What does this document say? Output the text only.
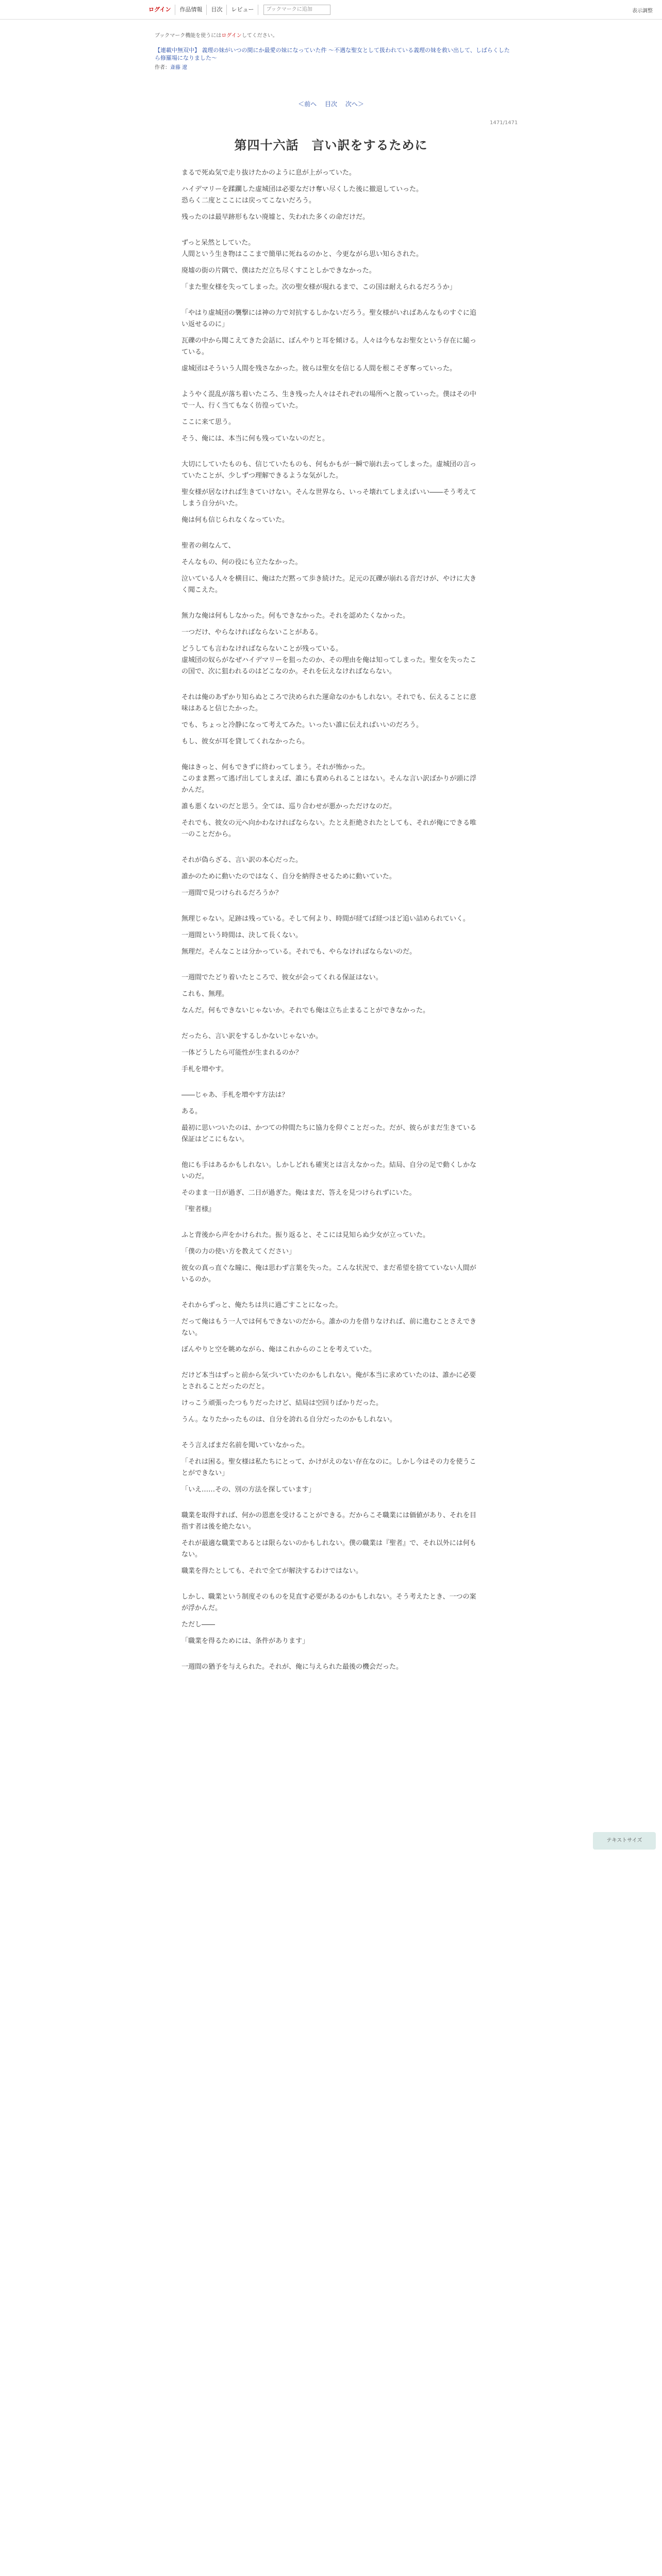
ログイン	作品情報	目次	レビュー	ブックマークに追加	表示調整
ブックマーク機能を使うにはログインしてください。
【連載中無双中】 義理の妹がいつの間にか最愛の妹になっていた件 〜不遇な聖女として扱われている義理の妹を救い出して、しばらくしたら修羅場になりました〜
作者：斎藤 遼
＜前へ 目次 次へ＞
1471/1471
第四十六話　言い訳をするために

まるで死ぬ気で走り抜けたかのように息が上がっていた。

ハイデマリーを蹂躙した虚城団は必要なだけ奪い尽くした後に撤退していった。
恐らく二度とここには戻ってこないだろう。

残ったのは最早跡形もない廃墟と、失われた多くの命だけだ。

ずっと呆然としていた。
人間という生き物はここまで簡単に死ねるのかと、今更ながら思い知らされた。

廃墟の街の片隅で、僕はただ立ち尽くすことしかできなかった。

「また聖女様を失ってしまった。次の聖女様が現れるまで、この国は耐えられるだろうか」

「やはり虚城団の襲撃には神の力で対抗するしかないだろう。聖女様がいればあんなものすぐに追い返せるのに」

瓦礫の中から聞こえてきた会話に、ぼんやりと耳を傾ける。人々は今もなお聖女という存在に縋っている。

虚城団はそういう人間を残さなかった。彼らは聖女を信じる人間を根こそぎ奪っていった。

ようやく混乱が落ち着いたころ、生き残った人々はそれぞれの場所へと散っていった。僕はその中で一人、行く当てもなく彷徨っていた。

ここに来て思う。

そう、俺には、本当に何も残っていないのだと。

大切にしていたものも、信じていたものも、何もかもが一瞬で崩れ去ってしまった。虚城団の言っていたことが、少しずつ理解できるような気がした。

聖女様が居なければ生きていけない。そんな世界なら、いっそ壊れてしまえばいい――そう考えてしまう自分がいた。

俺は何も信じられなくなっていた。

聖者の剣なんて、

そんなもの、何の役にも立たなかった。

泣いている人々を横目に、俺はただ黙って歩き続けた。足元の瓦礫が崩れる音だけが、やけに大きく聞こえた。

無力な俺は何もしなかった。何もできなかった。それを認めたくなかった。

一つだけ、やらなければならないことがある。

どうしても言わなければならないことが残っている。
虚城団の奴らがなぜハイデマリーを狙ったのか、その理由を俺は知ってしまった。聖女を失ったこの国で、次に狙われるのはどこなのか。それを伝えなければならない。

それは俺のあずかり知らぬところで決められた運命なのかもしれない。それでも、伝えることに意味はあると信じたかった。

でも、ちょっと冷静になって考えてみた。いったい誰に伝えればいいのだろう。

もし、彼女が耳を貸してくれなかったら。

俺はきっと、何もできずに終わってしまう。それが怖かった。
このまま黙って逃げ出してしまえば、誰にも責められることはない。そんな言い訳ばかりが頭に浮かんだ。

誰も悪くないのだと思う。全ては、巡り合わせが悪かっただけなのだ。

それでも、彼女の元へ向かわなければならない。たとえ拒絶されたとしても、それが俺にできる唯一のことだから。

それが偽らざる、言い訳の本心だった。

誰かのために動いたのではなく、自分を納得させるために動いていた。

一週間で見つけられるだろうか？

無理じゃない。足跡は残っている。そして何より、時間が経てば経つほど追い詰められていく。

一週間という時間は、決して長くない。

無理だ。そんなことは分かっている。それでも、やらなければならないのだ。

一週間でたどり着いたところで、彼女が会ってくれる保証はない。

これも、無理。

なんだ。何もできないじゃないか。それでも俺は立ち止まることができなかった。

だったら、言い訳をするしかないじゃないか。

一体どうしたら可能性が生まれるのか？

手札を増やす。

――じゃあ、手札を増やす方法は？

ある。

最初に思いついたのは、かつての仲間たちに協力を仰ぐことだった。だが、彼らがまだ生きている保証はどこにもない。

他にも手はあるかもしれない。しかしどれも確実とは言えなかった。結局、自分の足で動くしかないのだ。

そのまま一日が過ぎ、二日が過ぎた。俺はまだ、答えを見つけられずにいた。

『聖者様』

ふと背後から声をかけられた。振り返ると、そこには見知らぬ少女が立っていた。

「僕の力の使い方を教えてください」

彼女の真っ直ぐな瞳に、俺は思わず言葉を失った。こんな状況で、まだ希望を捨てていない人間がいるのか。

それからずっと、俺たちは共に過ごすことになった。

だって俺はもう一人では何もできないのだから。誰かの力を借りなければ、前に進むことさえできない。

ぼんやりと空を眺めながら、俺はこれからのことを考えていた。

だけど本当はずっと前から気づいていたのかもしれない。俺が本当に求めていたのは、誰かに必要とされることだったのだと。

けっこう頑張ったつもりだったけど、結局は空回りばかりだった。

うん。なりたかったものは、自分を誇れる自分だったのかもしれない。

そう言えばまだ名前を聞いていなかった。

「それは困る。聖女様は私たちにとって、かけがえのない存在なのに。しかし今はその力を使うことができない」

「いえ……その、別の方法を探しています」

職業を取得すれば、何かの恩恵を受けることができる。だからこそ職業には価値があり、それを目指す者は後を絶たない。

それが最適な職業であるとは限らないのかもしれない。僕の職業は『聖者』で、それ以外には何もない。

職業を得たとしても、それで全てが解決するわけではない。

しかし、職業という制度そのものを見直す必要があるのかもしれない。そう考えたとき、一つの案が浮かんだ。

ただし――

「職業を得るためには、条件があります」

一週間の猶予を与えられた。それが、俺に与えられた最後の機会だった。

テキストサイズ
